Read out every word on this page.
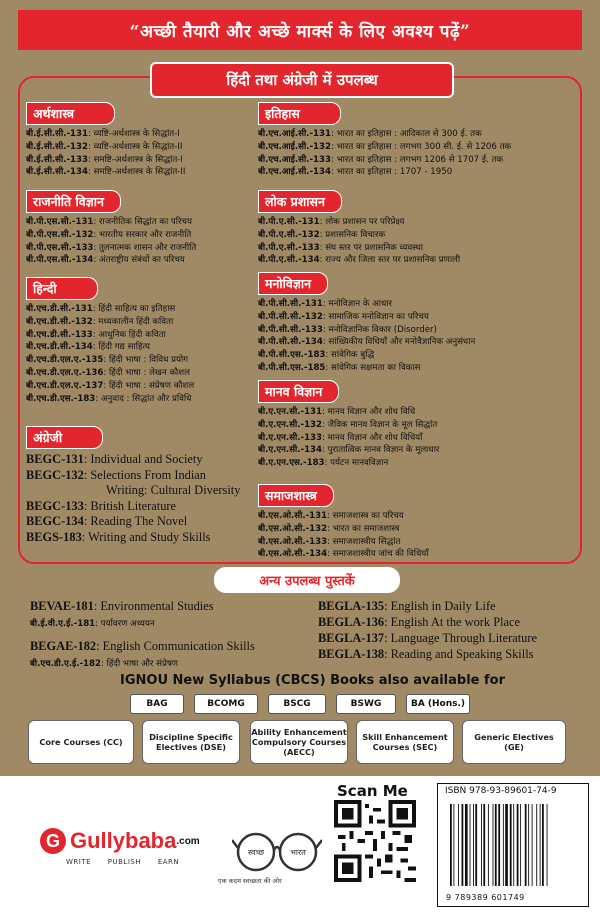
“अच्छी तैयारी और अच्छे मार्क्स के लिए अवश्य पढ़ें”
हिंदी तथा अंग्रेजी में उपलब्ध
अर्थशास्त्र
बी.ई.सी.सी.-131: व्यष्टि-अर्थशास्त्र के सिद्धांत-I
बी.ई.सी.सी.-132: व्यष्टि-अर्थशास्त्र के सिद्धांत-II
बी.ई.सी.सी.-133: समष्टि-अर्थशास्त्र के सिद्धांत-I
बी.ई.सी.सी.-134: समष्टि-अर्थशास्त्र के सिद्धांत-II
राजनीति विज्ञान
बी.पी.एस.सी.-131: राजनीतिक सिद्धांत का परिचय
बी.पी.एस.सी.-132: भारतीय सरकार और राजनीति
बी.पी.एस.सी.-133: तुलनात्मक शासन और राजनीति
बी.पी.एस.सी.-134: अंतराष्ट्रीय संबंधों का परिचय
हिन्दी
बी.एच.डी.सी.-131: हिंदी साहित्य का इतिहास
बी.एच.डी.सी.-132: मध्यकालीन हिंदी कविता
बी.एच.डी.सी.-133: आधुनिक हिंदी कविता
बी.एच.डी.सी.-134: हिंदी गद्य साहित्य
बी.एच.डी.एल.ए.-135: हिंदी भाषा : विविध प्रयोग
बी.एच.डी.एल.ए.-136: हिंदी भाषा : लेखन कौशल
बी.एच.डी.एल.ए.-137: हिंदी भाषा : संप्रेषण कौशल
बी.एच.डी.एस.-183: अनुवाद : सिद्धांत और प्रविधि
अंग्रेजी
BEGC-131: Individual and Society
BEGC-132: Selections From Indian
Writing: Cultural Diversity
BEGC-133: British Literature
BEGC-134: Reading The Novel
BEGS-183: Writing and Study Skills
इतिहास
बी.एच.आई.सी.-131: भारत का इतिहास : आदिकाल से 300 ई. तक
बी.एच.आई.सी.-132: भारत का इतिहास : लगभग 300 सी. ई. से 1206 तक
बी.एच.आई.सी.-133: भारत का इतिहास : लगभग 1206 से 1707 ई. तक
बी.एच.आई.सी.-134: भारत का इतिहास : 1707 - 1950
लोक प्रशासन
बी.पी.ए.सी.-131: लोक प्रशासन पर परिप्रेक्ष्य
बी.पी.ए.सी.-132: प्रशासनिक विचारक
बी.पी.ए.सी.-133: संघ स्तर पर प्रशासनिक व्यवस्था
बी.पी.ए.सी.-134: राज्य और जिला स्तर पर प्रशासनिक प्रणाली
मनोविज्ञान
बी.पी.सी.सी.-131: मनोविज्ञान के आधार
बी.पी.सी.सी.-132: सामाजिक मनोविज्ञान का परिचय
बी.पी.सी.सी.-133: मनोविज्ञानिक विकार (Disorder)
बी.पी.सी.सी.-134: सांख्यिकीय विधियाँ और मनोवैज्ञानिक अनुसंधान
बी.पी.सी.एस.-183: सांवेगिक बुद्धि
बी.पी.सी.एस.-185: सांवेगिक सक्षमता का विकास
मानव विज्ञान
बी.ए.एन.सी.-131: मानव विज्ञान और शोध विधि
बी.ए.एन.सी.-132: जैविक मानव विज्ञान के मूल सिद्धांत
बी.ए.एन.सी.-133: मानव विज्ञान और शोध विधियाँ
बी.ए.एन.सी.-134: पुरातात्विक मानव विज्ञान के मूलाधार
बी.ए.एन.एस.-183: पर्यटन मानवविज्ञान
समाजशास्त्र
बी.एस.ओ.सी.-131: समाजशास्त्र का परिचय
बी.एस.ओ.सी.-132: भारत का समाजशास्त्र
बी.एस.ओ.सी.-133: समाजशास्त्रीय सिद्धांत
बी.एस.ओ.सी.-134: समाजशास्त्रीय जांच की विधियाँ
अन्य उपलब्ध पुस्तकें
BEVAE-181: Environmental Studies
बी.ई.वी.ए.ई.-181: पर्यावरण अध्ययन
BEGAE-182: English Communication Skills
बी.एच.डी.ए.ई.-182: हिंदी भाषा और संप्रेषण
BEGLA-135: English in Daily Life
BEGLA-136: English At the work Place
BEGLA-137: Language Through Literature
BEGLA-138: Reading and Speaking Skills
IGNOU New Syllabus (CBCS) Books also available for
BAG	BCOMG	BSCG	BSWG	BA (Hons.)
Core Courses (CC)	Discipline Specific Electives (DSE)
Ability Enhancement Compulsory Courses (AECC)
Skill Enhancement Courses (SEC)
Generic Electives (GE)
G Gullybaba .com
WRITE PUBLISH EARN
स्वच्छ	भारत
एक कदम स्वच्छता की ओर
Scan Me	ISBN 978-93-89601-74-9
9 789389 601749
